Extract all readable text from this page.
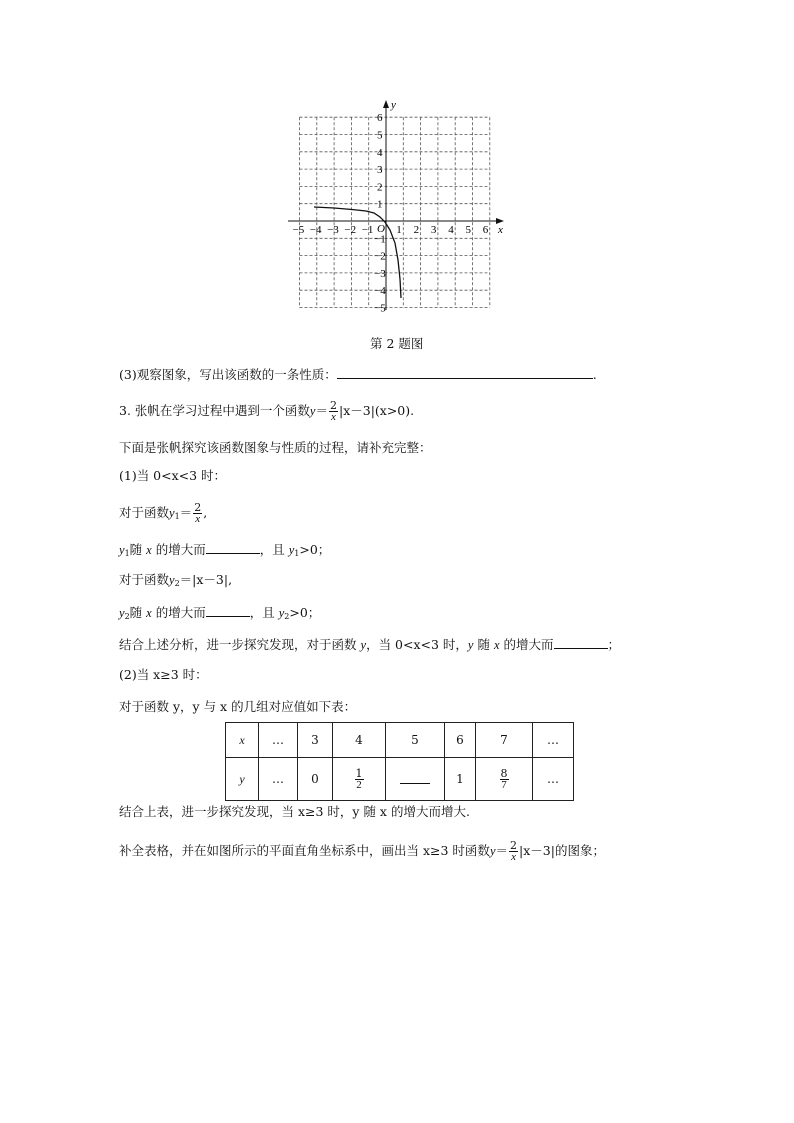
x
y
O
−5 −4 −3 −2 −1 1 2 3 4 5 6
6
5
4
3
2
1
−1
−2
−3
−4
−5
第 2 题图
(3)观察图象，写出该函数的一条性质：	.
3. 张帆在学习过程中遇到一个函数$y= \frac{2}{x} |x-3|(x>0)$.
下面是张帆探究该函数图象与性质的过程，请补充完整：
(1)当 0<x<3 时：
对于函数$y_1= \frac{2}{x}$ ,
$y_1$随 x 的增大而	，且 $y_1>0$；
对于函数$y_2=|x-3|$,
$y_2$随 x 的增大而	，且 $y_2>0$；
结合上述分析，进一步探究发现，对于函数 y，当 0<x<3 时，y 随 x 的增大而	；
(2)当 x≥3 时：
对于函数 y，y 与 x 的几组对应值如下表：
x	…	3	4	5	6	7	…
y	…	0	$\frac{1}{2}$		1	$\frac{8}{7}$	…
结合上表，进一步探究发现，当 x≥3 时，y 随 x 的增大而增大.
补全表格，并在如图所示的平面直角坐标系中，画出当 x≥3 时函数$y= \frac{2}{x} |x-3|$的图象；
